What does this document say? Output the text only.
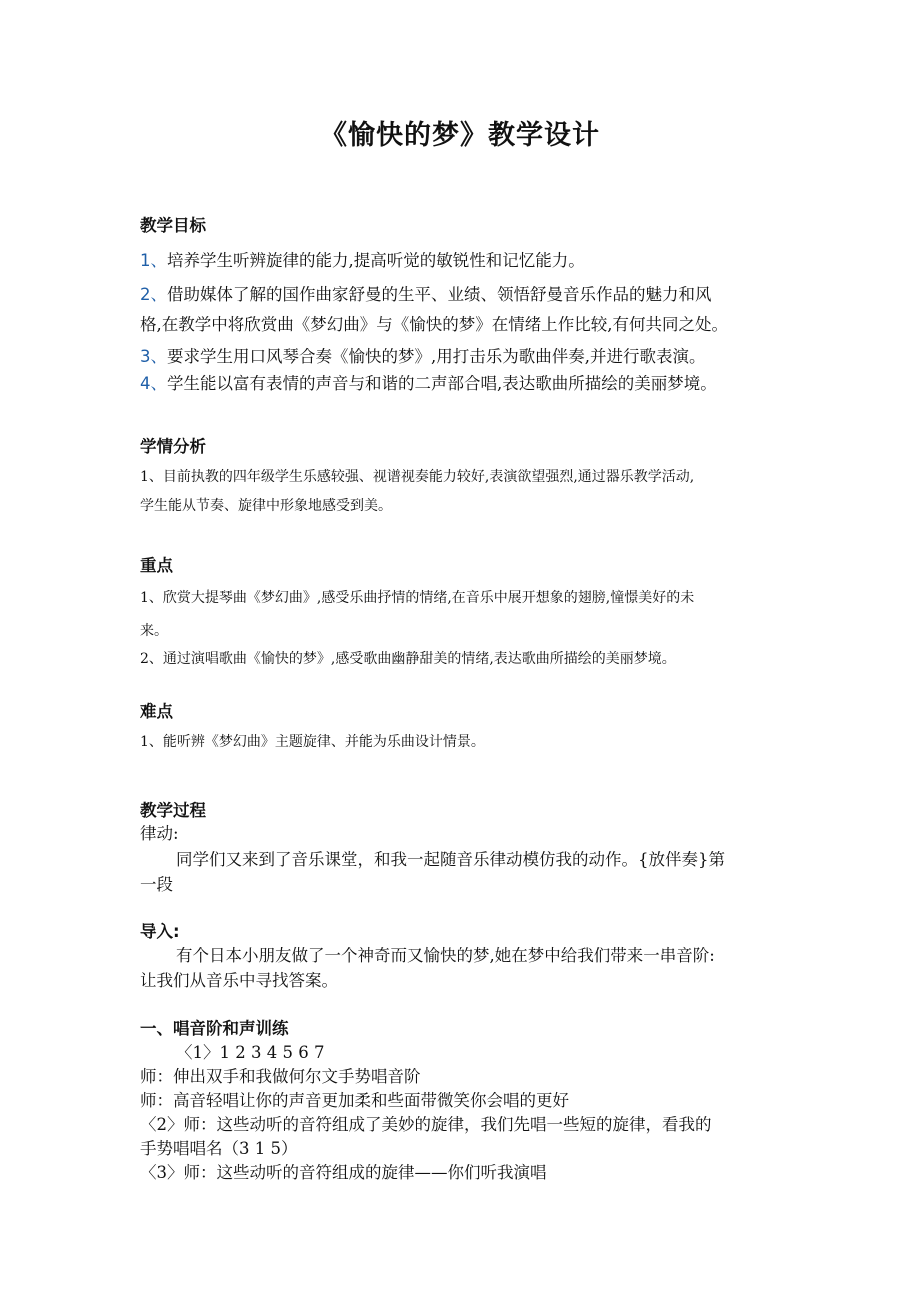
《愉快的梦》教学设计
教学目标
1、培养学生听辨旋律的能力,提高听觉的敏锐性和记忆能力。
2、借助媒体了解的国作曲家舒曼的生平、业绩、领悟舒曼音乐作品的魅力和风
格,在教学中将欣赏曲《梦幻曲》与《愉快的梦》在情绪上作比较,有何共同之处。
3、要求学生用口风琴合奏《愉快的梦》,用打击乐为歌曲伴奏,并进行歌表演。
4、学生能以富有表情的声音与和谐的二声部合唱,表达歌曲所描绘的美丽梦境。
学情分析
1、目前执教的四年级学生乐感较强、视谱视奏能力较好,表演欲望强烈,通过器乐教学活动,
学生能从节奏、旋律中形象地感受到美。
重点
1、欣赏大提琴曲《梦幻曲》,感受乐曲抒情的情绪,在音乐中展开想象的翅膀,憧憬美好的未
来。
2、通过演唱歌曲《愉快的梦》,感受歌曲幽静甜美的情绪,表达歌曲所描绘的美丽梦境。
难点
1、能听辨《梦幻曲》主题旋律、并能为乐曲设计情景。
教学过程
律动:
同学们又来到了音乐课堂，和我一起随音乐律动模仿我的动作。{放伴奏}第
一段
导入:
有个日本小朋友做了一个神奇而又愉快的梦,她在梦中给我们带来一串音阶:
让我们从音乐中寻找答案。
一、唱音阶和声训练
〈1〉1 2 3 4 5 6 7
师：伸出双手和我做何尔文手势唱音阶
师：高音轻唱让你的声音更加柔和些面带微笑你会唱的更好
〈2〉师：这些动听的音符组成了美妙的旋律，我们先唱一些短的旋律，看我的
手势唱唱名（3 1 5）
〈3〉师：这些动听的音符组成的旋律——你们听我演唱
